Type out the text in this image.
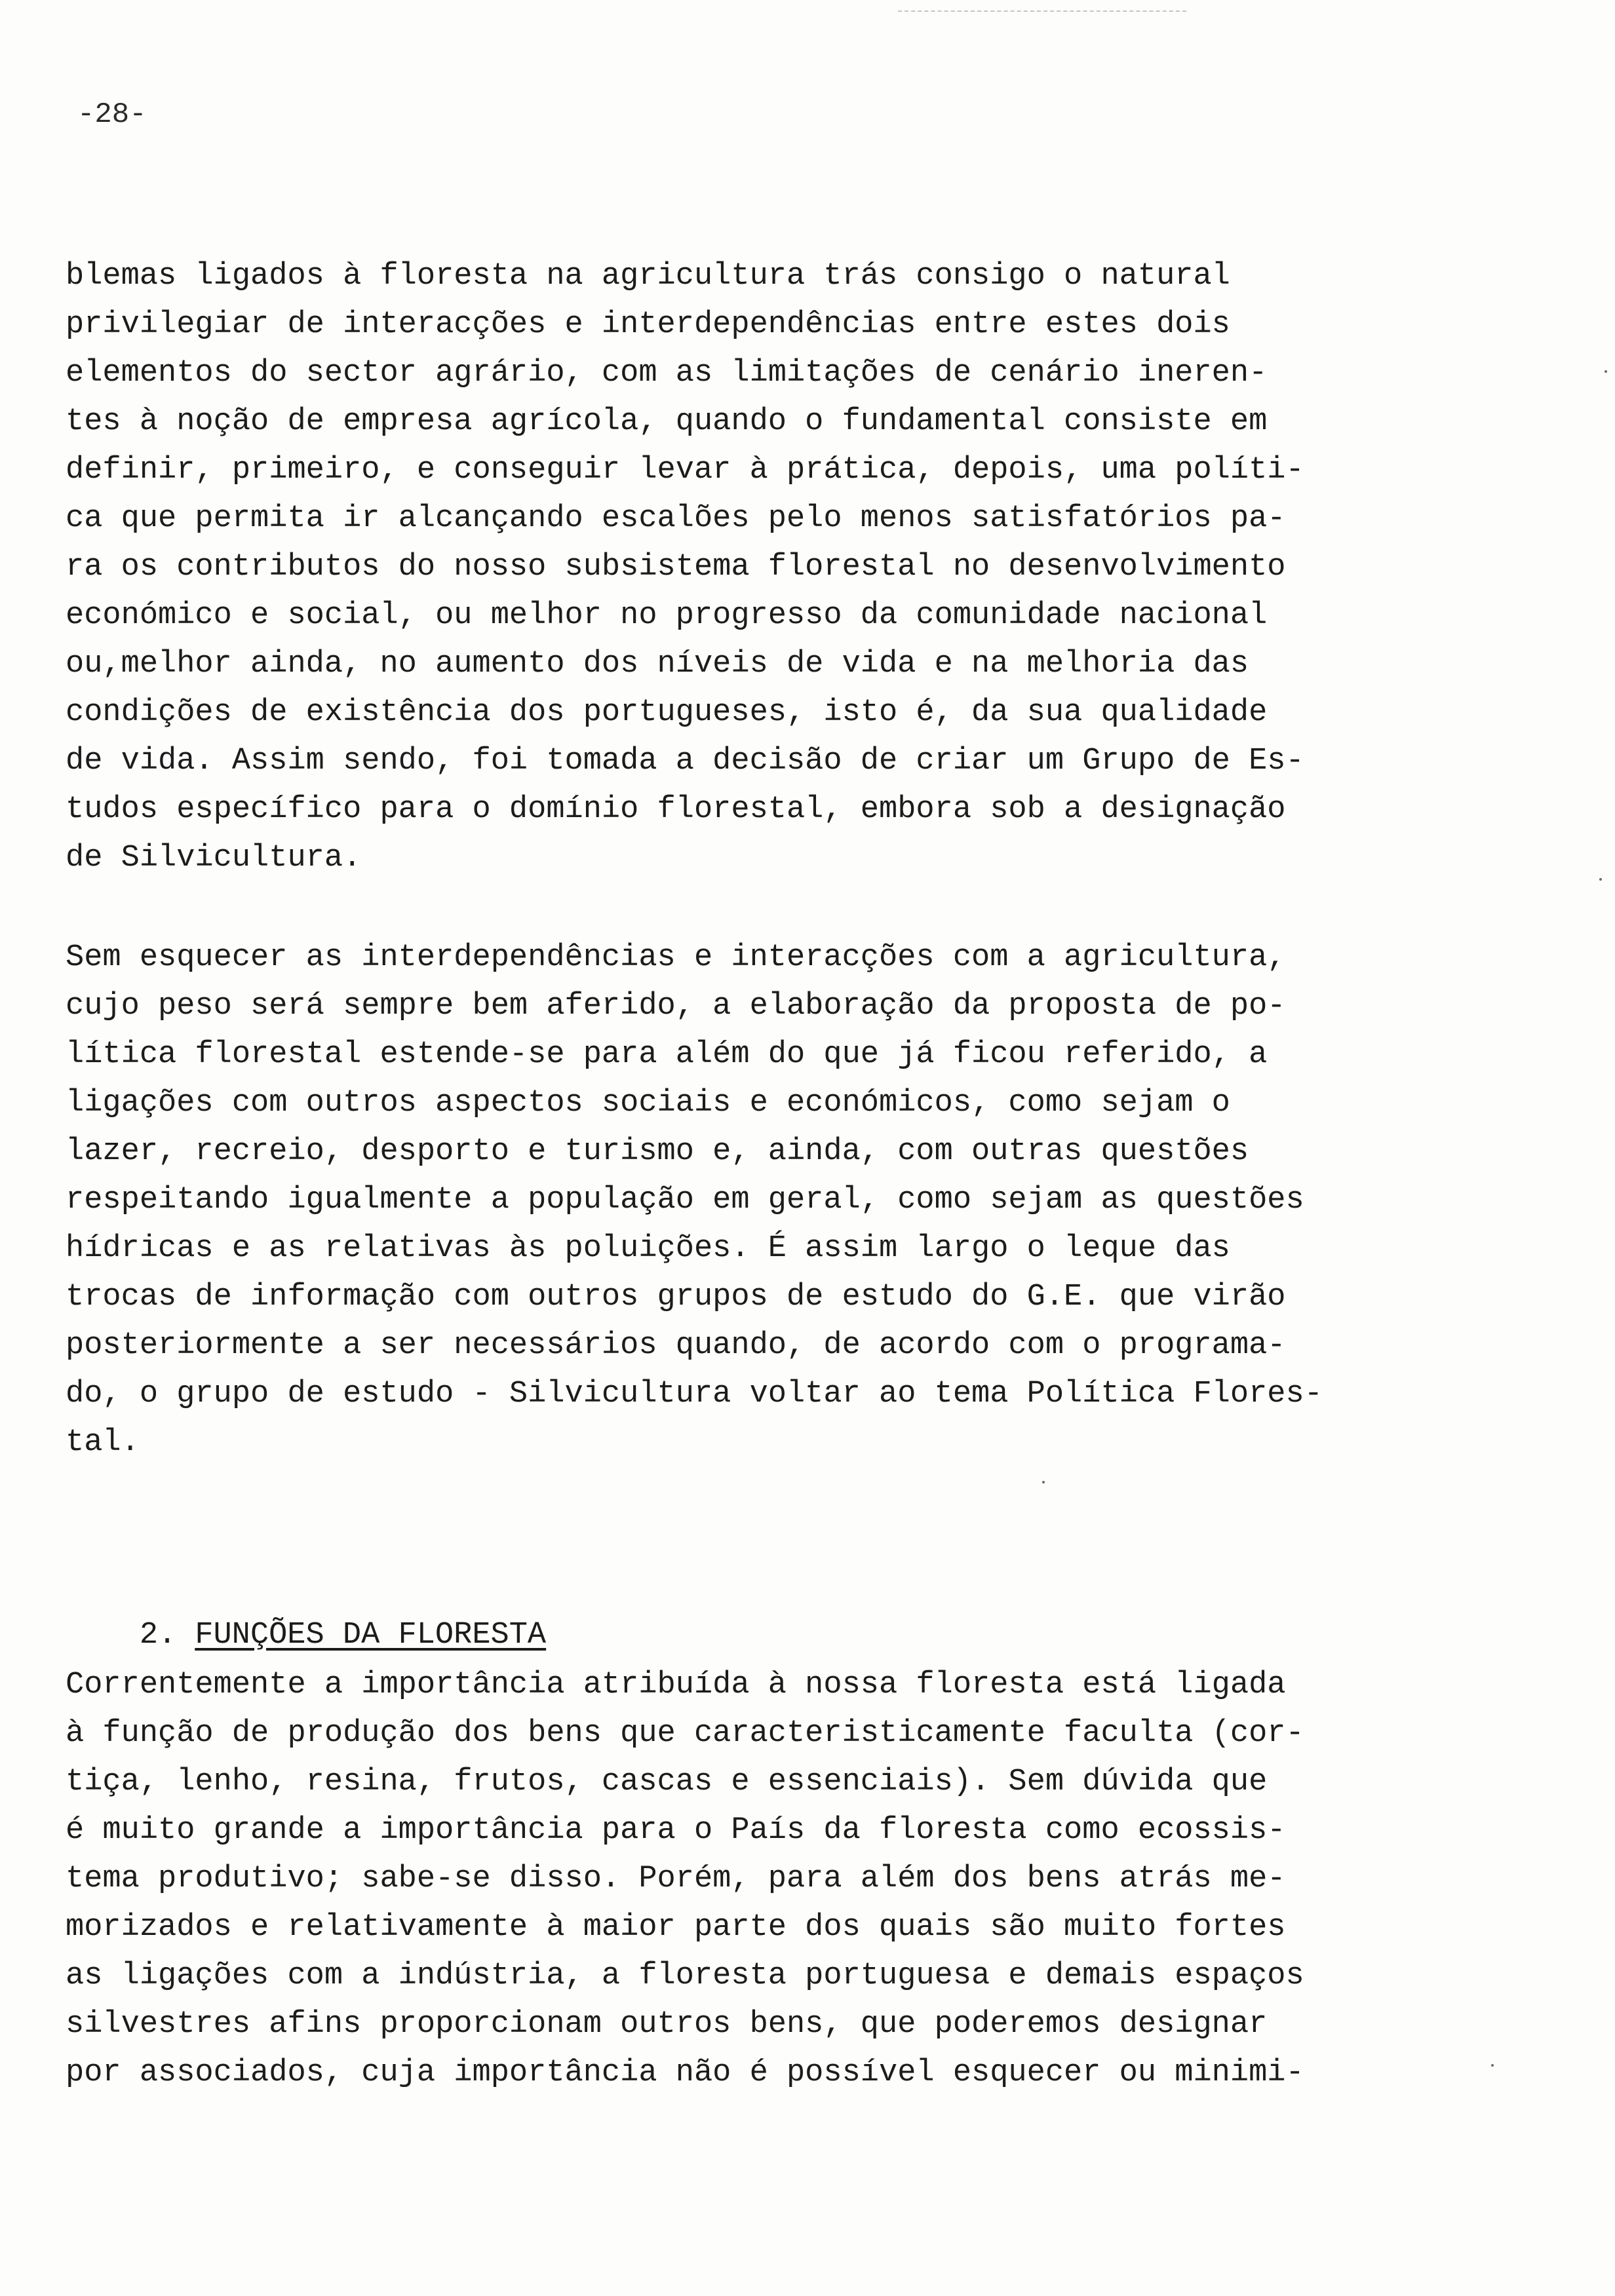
-28-
blemas ligados à floresta na agricultura trás consigo o natural
privilegiar de interacções e interdependências entre estes dois
elementos do sector agrário, com as limitações de cenário ineren-
tes à noção de empresa agrícola, quando o fundamental consiste em
definir, primeiro, e conseguir levar à prática, depois, uma políti-
ca que permita ir alcançando escalões pelo menos satisfatórios pa-
ra os contributos do nosso subsistema florestal no desenvolvimento
económico e social, ou melhor no progresso da comunidade nacional
ou,melhor ainda, no aumento dos níveis de vida e na melhoria das
condições de existência dos portugueses, isto é, da sua qualidade
de vida. Assim sendo, foi tomada a decisão de criar um Grupo de Es-
tudos específico para o domínio florestal, embora sob a designação
de Silvicultura.
Sem esquecer as interdependências e interacções com a agricultura,
cujo peso será sempre bem aferido, a elaboração da proposta de po-
lítica florestal estende-se para além do que já ficou referido, a
ligações com outros aspectos sociais e económicos, como sejam o
lazer, recreio, desporto e turismo e, ainda, com outras questões
respeitando igualmente a população em geral, como sejam as questões
hídricas e as relativas às poluições. É assim largo o leque das
trocas de informação com outros grupos de estudo do G.E. que virão
posteriormente a ser necessários quando, de acordo com o programa-
do, o grupo de estudo - Silvicultura voltar ao tema Política Flores-
tal.

2. FUNÇÕES DA FLORESTA

Correntemente a importância atribuída à nossa floresta está ligada
à função de produção dos bens que caracteristicamente faculta (cor-
tiça, lenho, resina, frutos, cascas e essenciais). Sem dúvida que
é muito grande a importância para o País da floresta como ecossis-
tema produtivo; sabe-se disso. Porém, para além dos bens atrás me-
morizados e relativamente à maior parte dos quais são muito fortes
as ligações com a indústria, a floresta portuguesa e demais espaços
silvestres afins proporcionam outros bens, que poderemos designar
por associados, cuja importância não é possível esquecer ou minimi-
